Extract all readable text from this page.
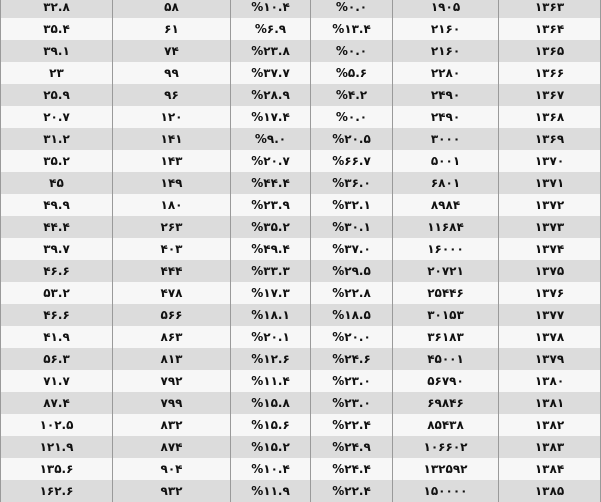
۳۲.۸	۵۸	%۱۰.۴	%۰.۰	۱۹۰۵	۱۳۶۳
۳۵.۴	۶۱	%۶.۹	%۱۳.۴	۲۱۶۰	۱۳۶۴
۳۹.۱	۷۴	%۲۳.۸	%۰.۰	۲۱۶۰	۱۳۶۵
۲۳	۹۹	%۳۷.۷	%۵.۶	۲۲۸۰	۱۳۶۶
۲۵.۹	۹۶	%۲۸.۹	%۴.۲	۲۴۹۰	۱۳۶۷
۲۰.۷	۱۲۰	%۱۷.۴	%۰.۰	۲۴۹۰	۱۳۶۸
۳۱.۲	۱۴۱	%۹.۰	%۲۰.۵	۳۰۰۰	۱۳۶۹
۳۵.۲	۱۴۳	%۲۰.۷	%۶۶.۷	۵۰۰۱	۱۳۷۰
۴۵	۱۴۹	%۴۴.۴	%۳۶.۰	۶۸۰۱	۱۳۷۱
۴۹.۹	۱۸۰	%۲۳.۹	%۳۲.۱	۸۹۸۴	۱۳۷۲
۴۴.۴	۲۶۳	%۳۵.۲	%۳۰.۱	۱۱۶۸۴	۱۳۷۳
۳۹.۷	۴۰۳	%۴۹.۴	%۳۷.۰	۱۶۰۰۰	۱۳۷۴
۴۶.۶	۴۴۴	%۳۳.۳	%۲۹.۵	۲۰۷۲۱	۱۳۷۵
۵۳.۲	۴۷۸	%۱۷.۳	%۲۲.۸	۲۵۴۴۶	۱۳۷۶
۴۶.۶	۵۶۶	%۱۸.۱	%۱۸.۵	۳۰۱۵۳	۱۳۷۷
۴۱.۹	۸۶۳	%۲۰.۱	%۲۰.۰	۳۶۱۸۳	۱۳۷۸
۵۶.۳	۸۱۳	%۱۲.۶	%۲۴.۶	۴۵۰۰۱	۱۳۷۹
۷۱.۷	۷۹۲	%۱۱.۴	%۲۳.۰	۵۶۷۹۰	۱۳۸۰
۸۷.۴	۷۹۹	%۱۵.۸	%۲۳.۰	۶۹۸۴۶	۱۳۸۱
۱۰۲.۵	۸۳۲	%۱۵.۶	%۲۲.۴	۸۵۴۳۸	۱۳۸۲
۱۲۱.۹	۸۷۴	%۱۵.۲	%۲۴.۹	۱۰۶۶۰۲	۱۳۸۳
۱۳۵.۶	۹۰۴	%۱۰.۴	%۲۴.۴	۱۳۲۵۹۲	۱۳۸۴
۱۶۲.۶	۹۳۲	%۱۱.۹	%۲۲.۴	۱۵۰۰۰۰	۱۳۸۵
